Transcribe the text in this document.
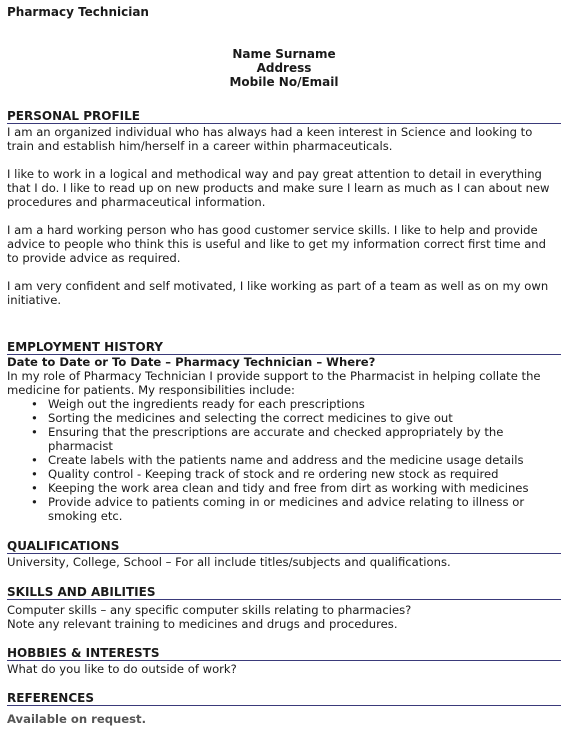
Pharmacy Technician
Name Surname
Address
Mobile No/Email
PERSONAL PROFILE

I am an organized individual who has always had a keen interest in Science and looking to train and establish him/herself in a career within pharmaceuticals.

I like to work in a logical and methodical way and pay great attention to detail in everything that I do. I like to read up on new products and make sure I learn as much as I can about new procedures and pharmaceutical information.

I am a hard working person who has good customer service skills. I like to help and provide advice to people who think this is useful and like to get my information correct first time and to provide advice as required.

I am very confident and self motivated, I like working as part of a team as well as on my own initiative.

EMPLOYMENT HISTORY

Date to Date or To Date – Pharmacy Technician – Where?

In my role of Pharmacy Technician I provide support to the Pharmacist in helping collate the medicine for patients. My responsibilities include:

• Weigh out the ingredients ready for each prescriptions
• Sorting the medicines and selecting the correct medicines to give out
• Ensuring that the prescriptions are accurate and checked appropriately by the pharmacist
• Create labels with the patients name and address and the medicine usage details
• Quality control - Keeping track of stock and re ordering new stock as required
• Keeping the work area clean and tidy and free from dirt as working with medicines
• Provide advice to patients coming in or medicines and advice relating to illness or smoking etc.
QUALIFICATIONS

University, College, School – For all include titles/subjects and qualifications.

SKILLS AND ABILITIES

Computer skills – any specific computer skills relating to pharmacies?

Note any relevant training to medicines and drugs and procedures.

HOBBIES & INTERESTS

What do you like to do outside of work?

REFERENCES

Available on request.
